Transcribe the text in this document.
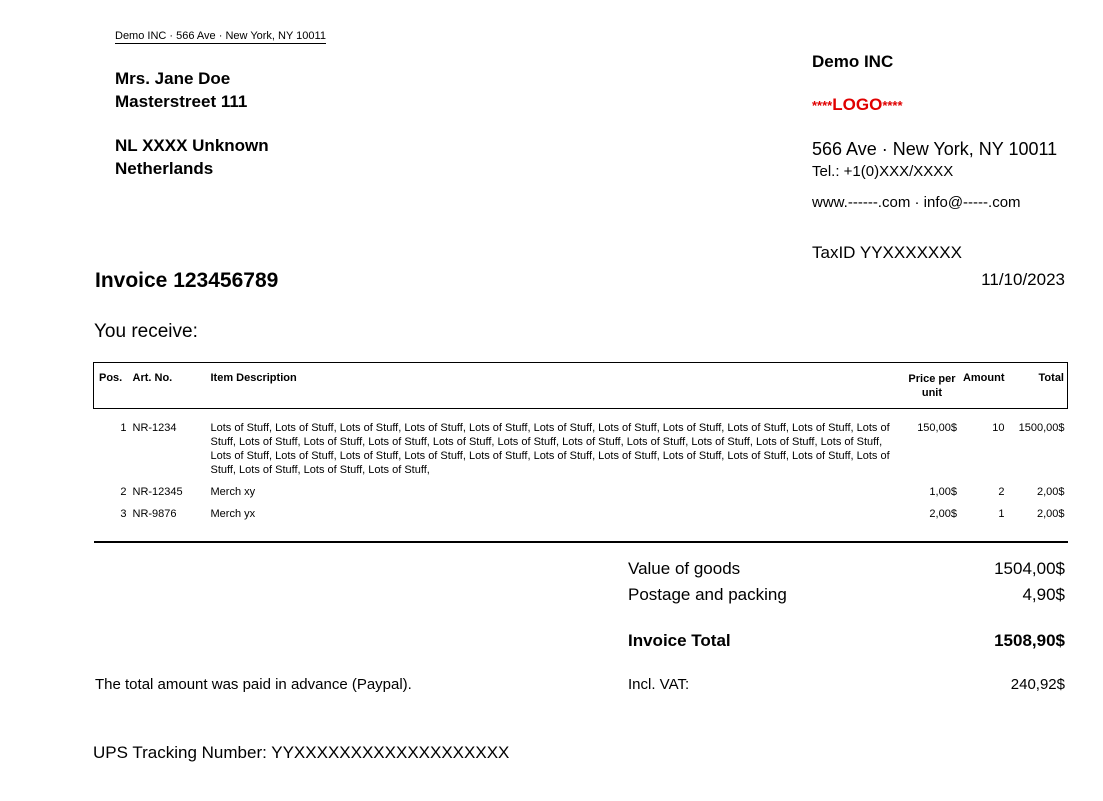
Demo INC · 566 Ave · New York, NY 10011
Mrs. Jane Doe
Masterstreet 111
NL XXXX Unknown
Netherlands
Demo INC
****LOGO****
566 Ave · New York, NY 10011
Tel.: +1(0)XXX/XXXX
www.------.com · info@-----.com
TaxID YYXXXXXXX
Invoice 123456789	11/10/2023
You receive:
Pos.	Art. No.	Item Description	Price per unit	Amount	Total
1	NR-1234	Lots of Stuff, Lots of Stuff, Lots of Stuff, Lots of Stuff, Lots of Stuff, Lots of Stuff, Lots of Stuff, Lots of Stuff, Lots of Stuff, Lots of Stuff, Lots of Stuff, Lots of Stuff, Lots of Stuff, Lots of Stuff, Lots of Stuff, Lots of Stuff, Lots of Stuff, Lots of Stuff, Lots of Stuff, Lots of Stuff, Lots of Stuff, Lots of Stuff, Lots of Stuff, Lots of Stuff, Lots of Stuff, Lots of Stuff, Lots of Stuff, Lots of Stuff, Lots of Stuff, Lots of Stuff, Lots of Stuff, Lots of Stuff, Lots of Stuff, Lots of Stuff, Lots of Stuff,	150,00$	10	1500,00$
2	NR-12345	Merch xy	1,00$	2	2,00$
3	NR-9876	Merch yx	2,00$	1	2,00$

Value of goods	1504,00$
Postage and packing	4,90$
Invoice Total	1508,90$
Incl. VAT:	240,92$
The total amount was paid in advance (Paypal).
UPS Tracking Number: YYXXXXXXXXXXXXXXXXXXX
